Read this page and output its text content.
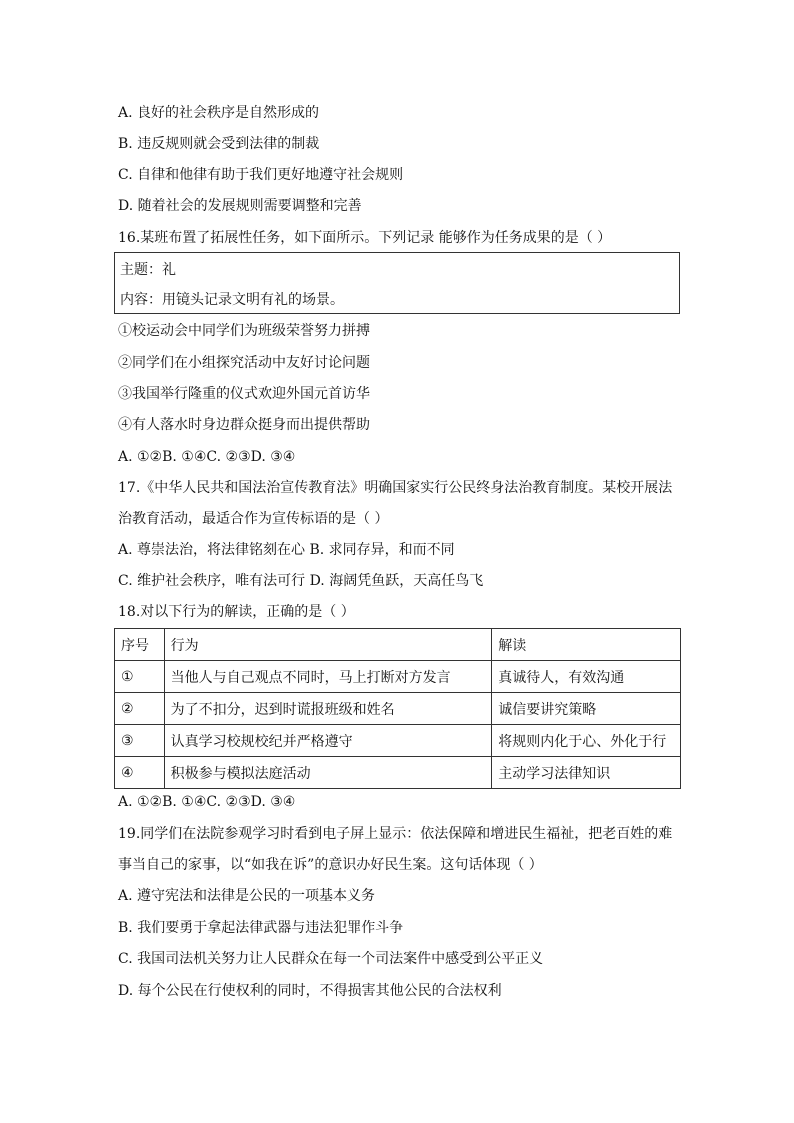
A. 良好的社会秩序是自然形成的
B. 违反规则就会受到法律的制裁
C. 自律和他律有助于我们更好地遵守社会规则
D. 随着社会的发展规则需要调整和完善
16.某班布置了拓展性任务，如下面所示。下列记录 能够作为任务成果的是（ ）
主题：礼
内容：用镜头记录文明有礼的场景。
①校运动会中同学们为班级荣誉努力拼搏
②同学们在小组探究活动中友好讨论问题
③我国举行隆重的仪式欢迎外国元首访华
④有人落水时身边群众挺身而出提供帮助
A. ①②B. ①④C. ②③D. ③④
17.《中华人民共和国法治宣传教育法》明确国家实行公民终身法治教育制度。某校开展法
治教育活动，最适合作为宣传标语的是（ ）
A. 尊崇法治，将法律铭刻在心 B. 求同存异，和而不同
C. 维护社会秩序，唯有法可行 D. 海阔凭鱼跃，天高任鸟飞
18.对以下行为的解读，正确的是（ ）
序号	行为	解读
①	当他人与自己观点不同时，马上打断对方发言	真诚待人，有效沟通
②	为了不扣分，迟到时谎报班级和姓名	诚信要讲究策略
③	认真学习校规校纪并严格遵守	将规则内化于心、外化于行
④	积极参与模拟法庭活动	主动学习法律知识
A. ①②B. ①④C. ②③D. ③④
19.同学们在法院参观学习时看到电子屏上显示：依法保障和增进民生福祉，把老百姓的难
事当自己的家事，以“如我在诉”的意识办好民生案。这句话体现（ ）
A. 遵守宪法和法律是公民的一项基本义务
B. 我们要勇于拿起法律武器与违法犯罪作斗争
C. 我国司法机关努力让人民群众在每一个司法案件中感受到公平正义
D. 每个公民在行使权利的同时，不得损害其他公民的合法权利
